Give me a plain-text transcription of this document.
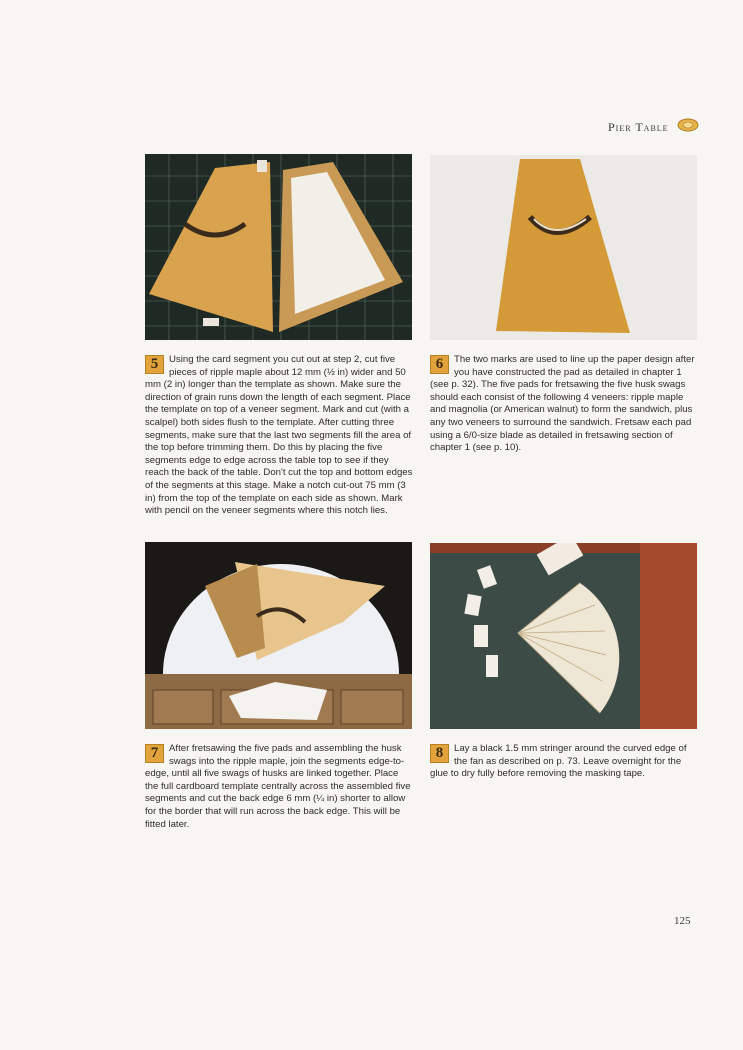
Pier Table
5	Using the card segment you cut out at step 2, cut five pieces of ripple maple about 12 mm (½ in) wider and 50 mm (2 in) longer than the template as shown. Make sure the direction of grain runs down the length of each segment. Place the template on top of a veneer segment. Mark and cut (with a scalpel) both sides flush to the template. After cutting three segments, make sure that the last two segments fill the area of the top before trimming them. Do this by placing the five segments edge to edge across the table top to see if they reach the back of the table. Don't cut the top and bottom edges of the segments at this stage. Make a notch cut-out 75 mm (3 in) from the top of the template on each side as shown. Mark with pencil on the veneer segments where this notch lies.

6	The two marks are used to line up the paper design after you have constructed the pad as detailed in chapter 1 (see p. 32). The five pads for fretsawing the five husk swags should each consist of the following 4 veneers: ripple maple and magnolia (or American walnut) to form the sandwich, plus any two veneers to surround the sandwich. Fretsaw each pad using a 6/0-size blade as detailed in fretsawing section of chapter 1 (see p. 10).

7	After fretsawing the five pads and assembling the husk swags into the ripple maple, join the segments edge-to-edge, until all five swags of husks are linked together. Place the full cardboard template centrally across the assembled five segments and cut the back edge 6 mm (¼ in) shorter to allow for the border that will run across the back edge. This will be fitted later.

8	Lay a black 1.5 mm stringer around the curved edge of the fan as described on p. 73. Leave overnight for the glue to dry fully before removing the masking tape.

125
